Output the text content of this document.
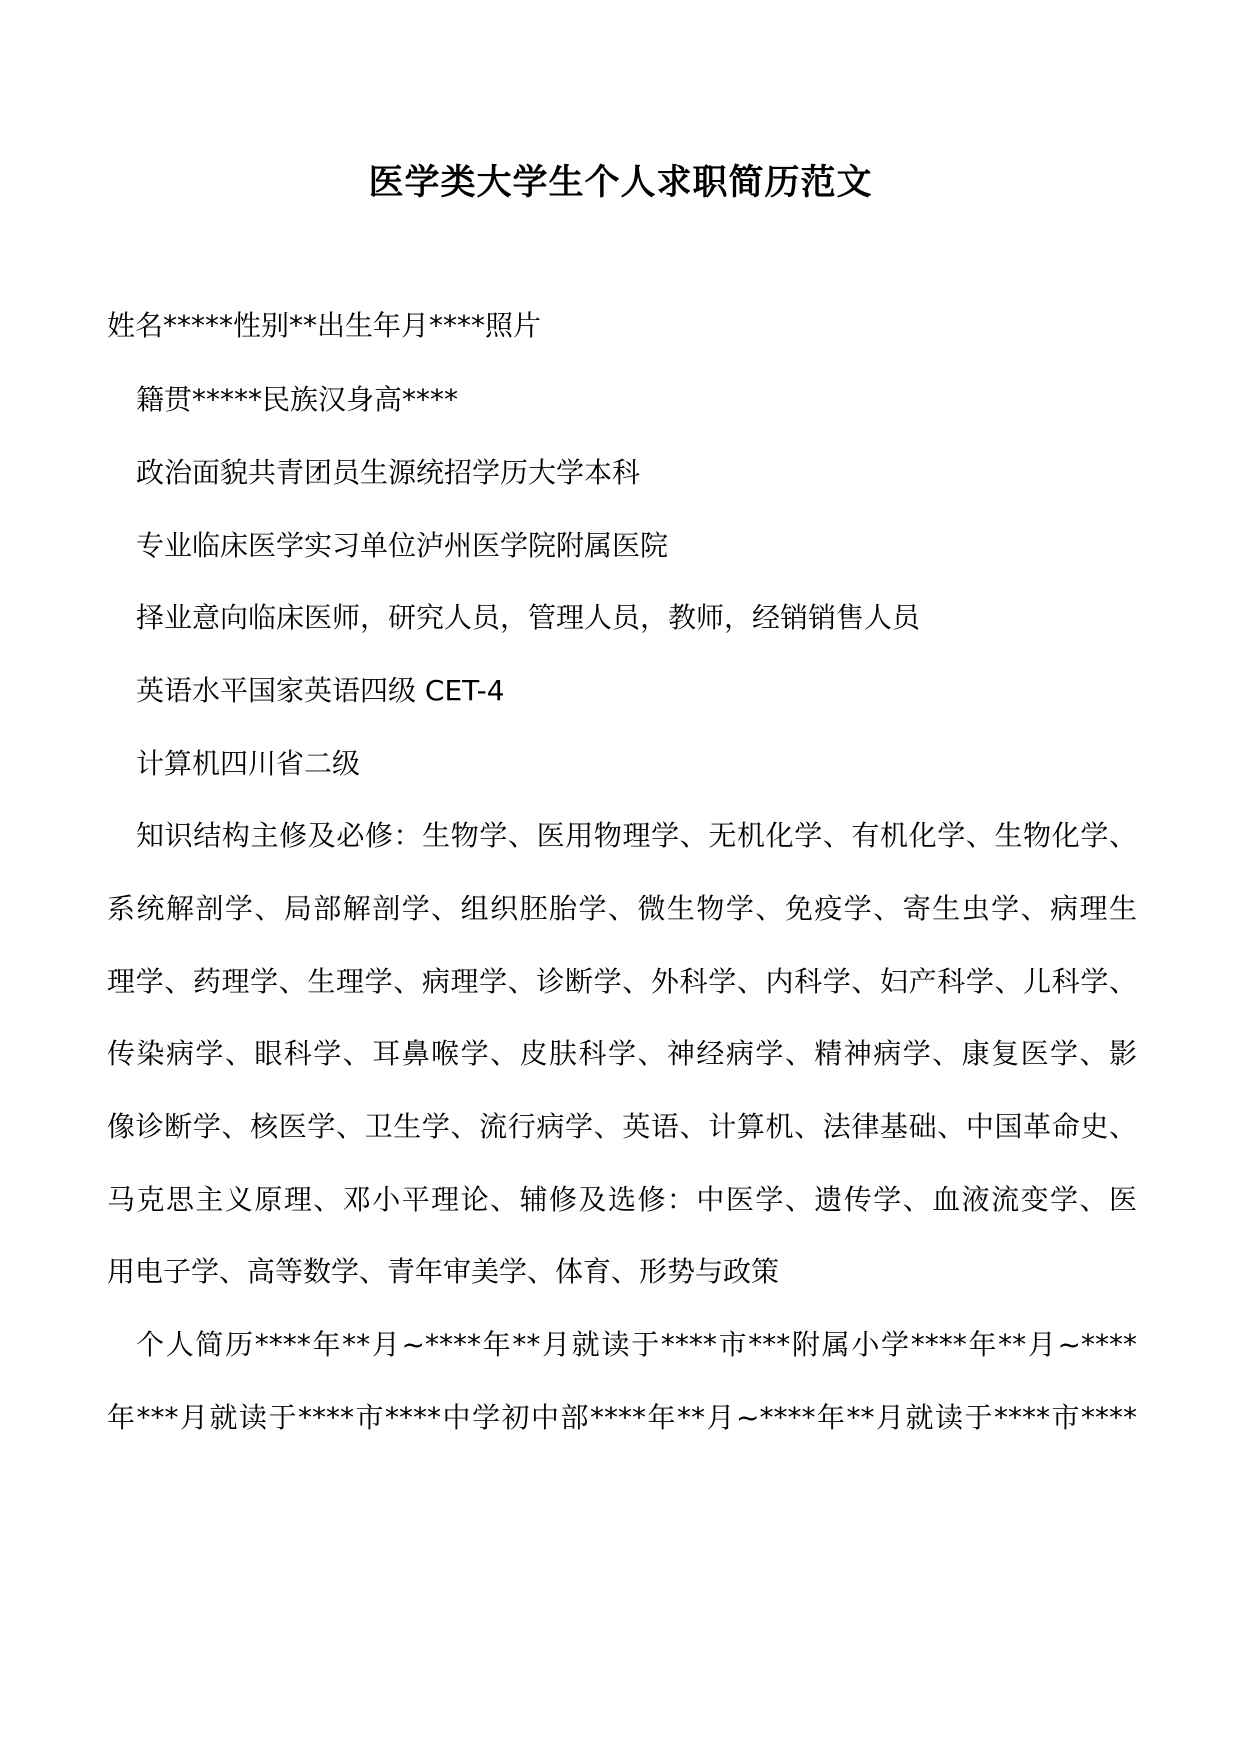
医学类大学生个人求职简历范文
姓名*****性别**出生年月****照片
籍贯*****民族汉身高****
政治面貌共青团员生源统招学历大学本科
专业临床医学实习单位泸州医学院附属医院
择业意向临床医师，研究人员，管理人员，教师，经销销售人员
英语水平国家英语四级 CET-4
计算机四川省二级
知识结构主修及必修：生物学、医用物理学、无机化学、有机化学、生物化学、
系统解剖学、局部解剖学、组织胚胎学、微生物学、免疫学、寄生虫学、病理生
理学、药理学、生理学、病理学、诊断学、外科学、内科学、妇产科学、儿科学、
传染病学、眼科学、耳鼻喉学、皮肤科学、神经病学、精神病学、康复医学、影
像诊断学、核医学、卫生学、流行病学、英语、计算机、法律基础、中国革命史、
马克思主义原理、邓小平理论、辅修及选修：中医学、遗传学、血液流变学、医
用电子学、高等数学、青年审美学、体育、形势与政策
个人简历****年**月~****年**月就读于****市***附属小学****年**月~****
年***月就读于****市****中学初中部****年**月~****年**月就读于****市****
